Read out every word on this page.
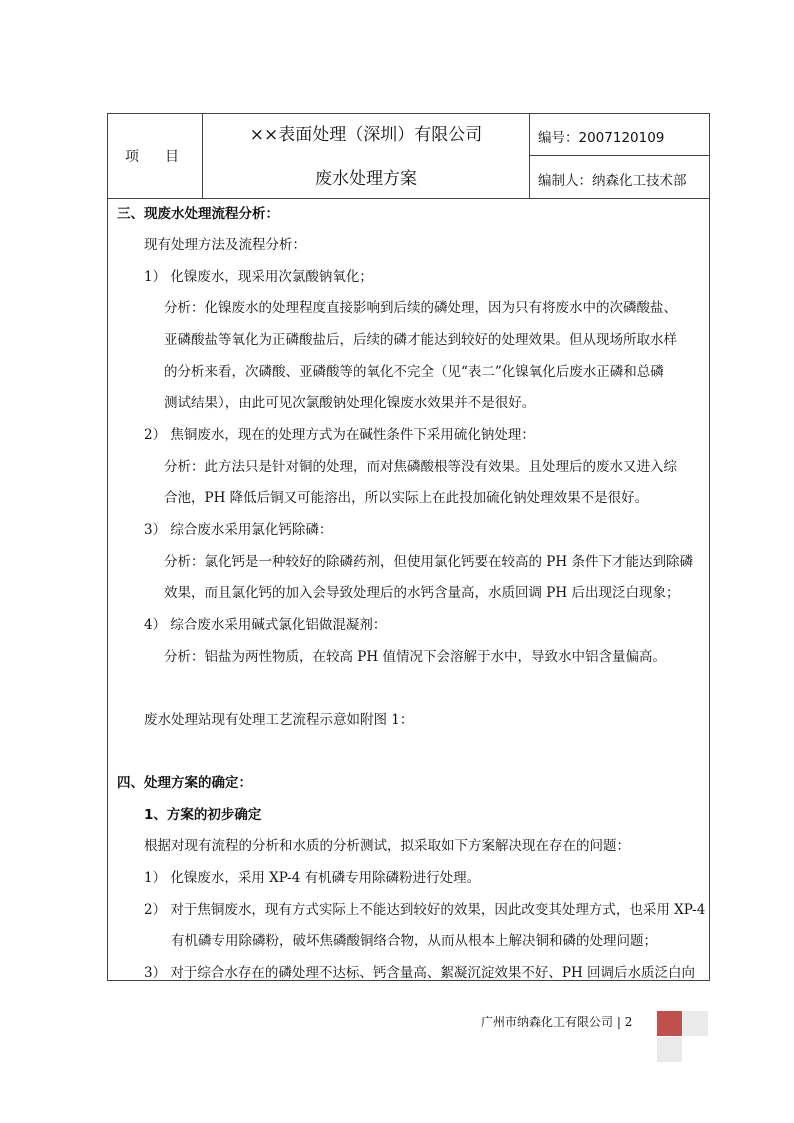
项　目
××表面处理（深圳）有限公司
废水处理方案
编号：2007120109
编制人：纳森化工技术部
三、现废水处理流程分析：
现有处理方法及流程分析：
1） 化镍废水，现采用次氯酸钠氧化；
分析：化镍废水的处理程度直接影响到后续的磷处理，因为只有将废水中的次磷酸盐、
亚磷酸盐等氧化为正磷酸盐后，后续的磷才能达到较好的处理效果。但从现场所取水样
的分析来看，次磷酸、亚磷酸等的氧化不完全（见“表二”化镍氧化后废水正磷和总磷
测试结果），由此可见次氯酸钠处理化镍废水效果并不是很好。
2） 焦铜废水，现在的处理方式为在碱性条件下采用硫化钠处理：
分析：此方法只是针对铜的处理，而对焦磷酸根等没有效果。且处理后的废水又进入综
合池，PH 降低后铜又可能溶出，所以实际上在此投加硫化钠处理效果不是很好。
3） 综合废水采用氯化钙除磷：
分析：氯化钙是一种较好的除磷药剂，但使用氯化钙要在较高的 PH 条件下才能达到除磷
效果，而且氯化钙的加入会导致处理后的水钙含量高，水质回调 PH 后出现泛白现象；
4） 综合废水采用碱式氯化铝做混凝剂：
分析：铝盐为两性物质，在较高 PH 值情况下会溶解于水中，导致水中铝含量偏高。
废水处理站现有处理工艺流程示意如附图 1：
四、处理方案的确定：
1、方案的初步确定
根据对现有流程的分析和水质的分析测试，拟采取如下方案解决现在存在的问题：
1） 化镍废水，采用 XP-4 有机磷专用除磷粉进行处理。
2） 对于焦铜废水，现有方式实际上不能达到较好的效果，因此改变其处理方式，也采用 XP-4
有机磷专用除磷粉，破坏焦磷酸铜络合物，从而从根本上解决铜和磷的处理问题；
3） 对于综合水存在的磷处理不达标、钙含量高、絮凝沉淀效果不好、PH 回调后水质泛白向
广州市纳森化工有限公司 | 2
